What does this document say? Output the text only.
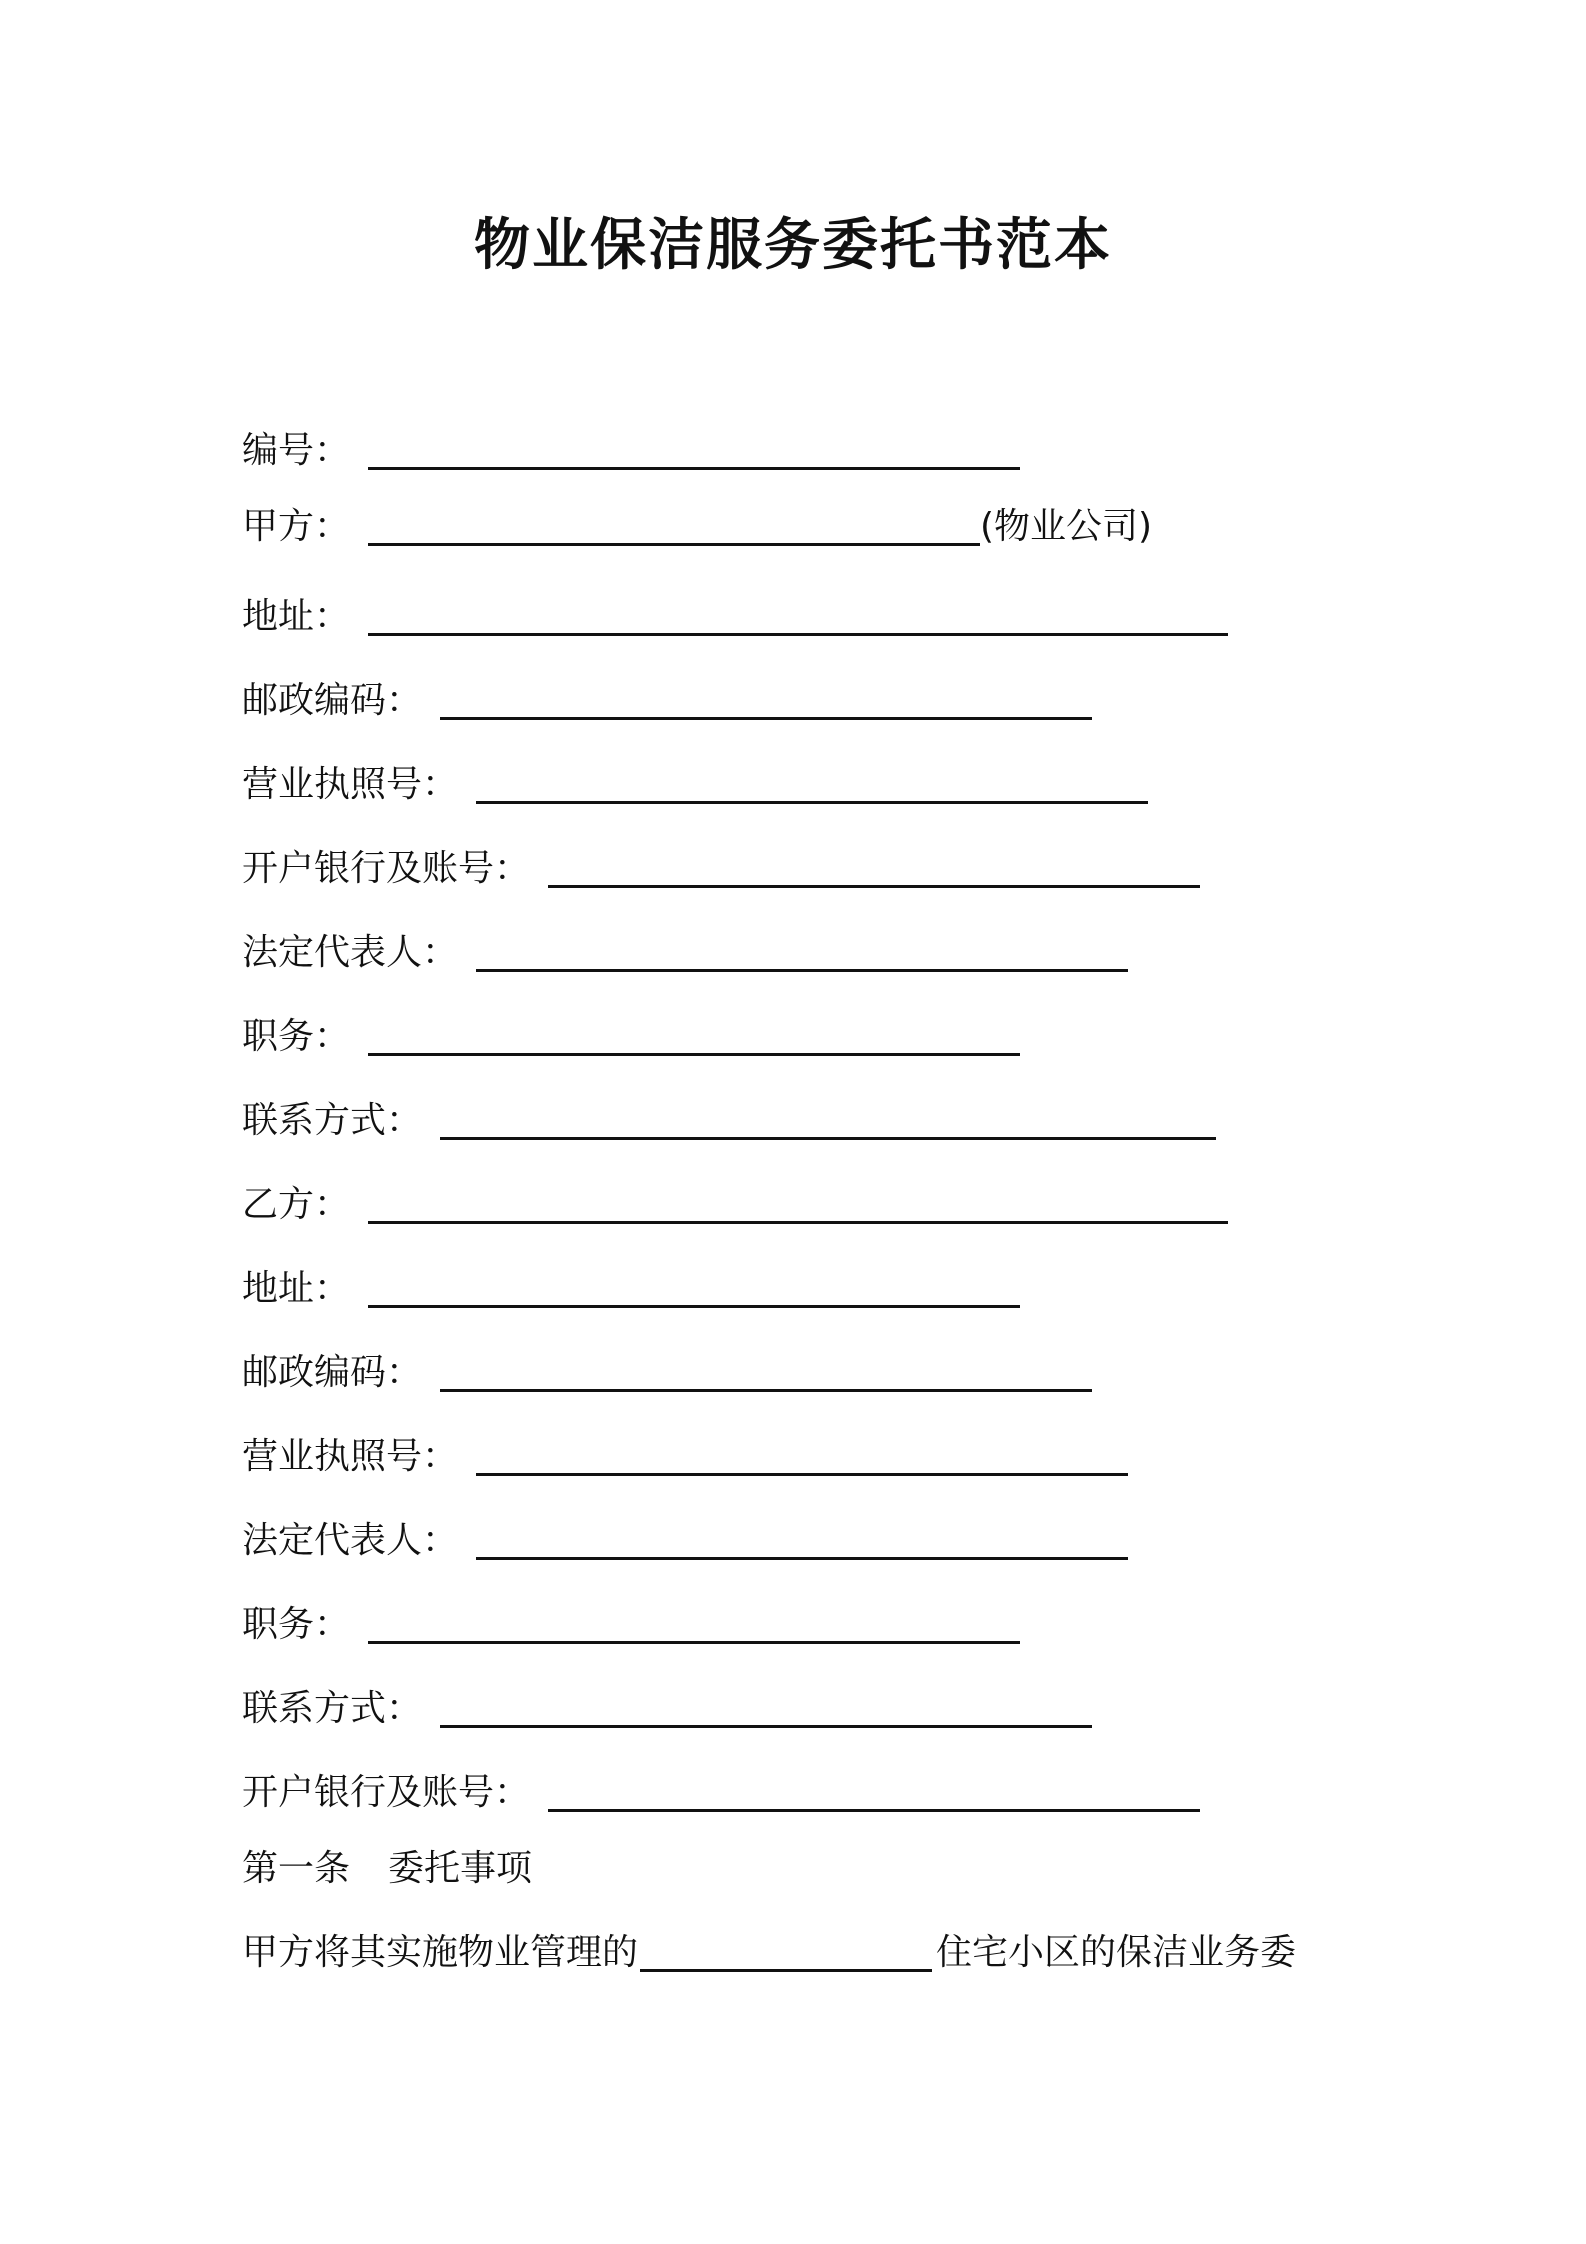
物业保洁服务委托书范本
编号：
甲方：	(物业公司)
地址：
邮政编码：
营业执照号：
开户银行及账号：
法定代表人：
职务：
联系方式：
乙方：
地址：
邮政编码：
营业执照号：
法定代表人：
职务：
联系方式：
开户银行及账号：
第一条 委托事项
甲方将其实施物业管理的	住宅小区的保洁业务委
